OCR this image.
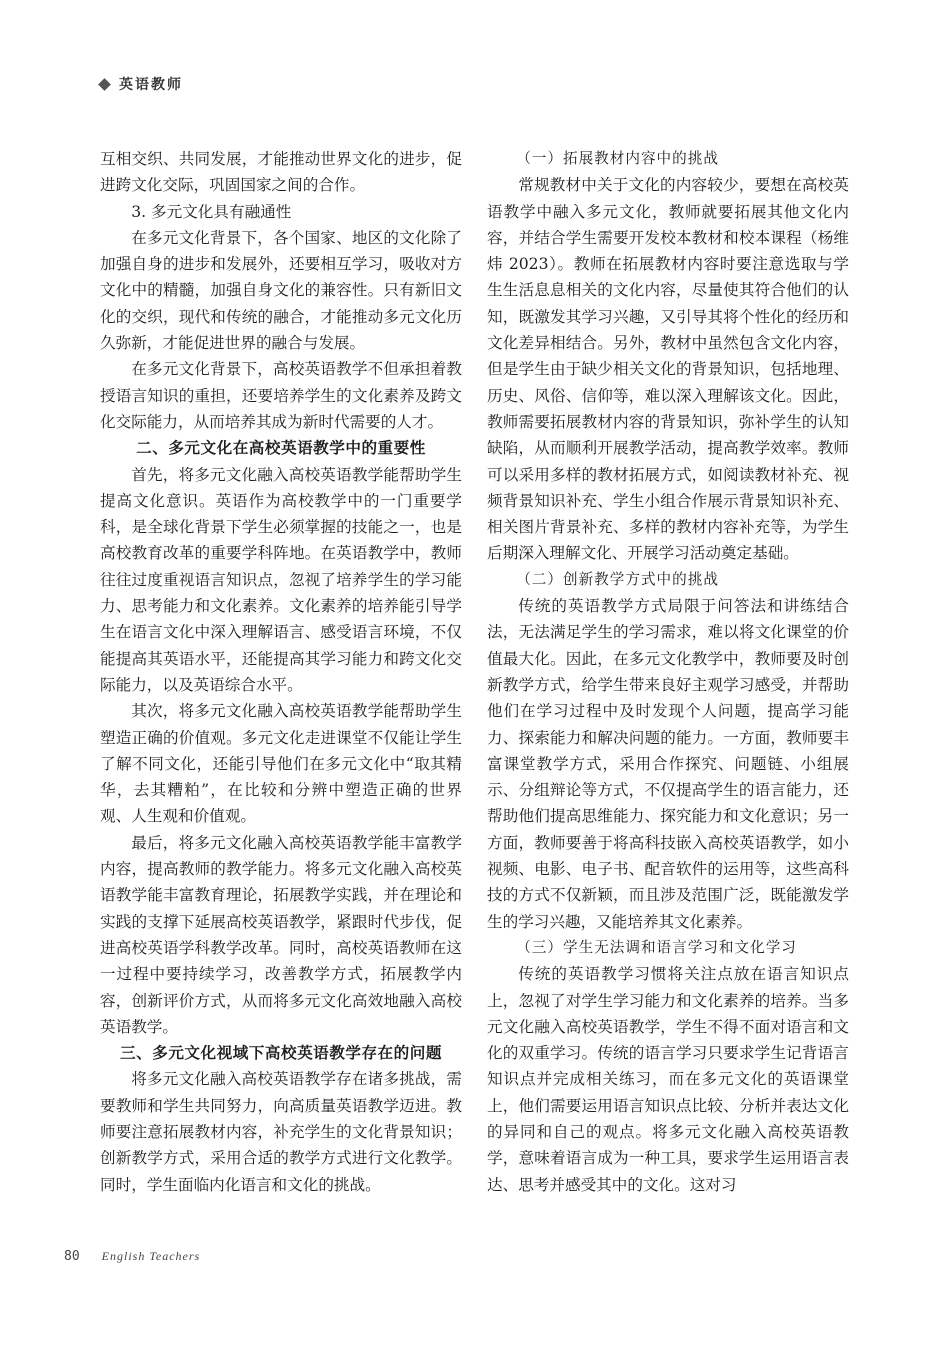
英语教师

互相交织、共同发展，才能推动世界文化的进步，促进跨文化交际，巩固国家之间的合作。

3. 多元文化具有融通性

在多元文化背景下，各个国家、地区的文化除了加强自身的进步和发展外，还要相互学习，吸收对方文化中的精髓，加强自身文化的兼容性。只有新旧文化的交织，现代和传统的融合，才能推动多元文化历久弥新，才能促进世界的融合与发展。

在多元文化背景下，高校英语教学不但承担着教授语言知识的重担，还要培养学生的文化素养及跨文化交际能力，从而培养其成为新时代需要的人才。

二、多元文化在高校英语教学中的重要性

首先，将多元文化融入高校英语教学能帮助学生提高文化意识。英语作为高校教学中的一门重要学科，是全球化背景下学生必须掌握的技能之一，也是高校教育改革的重要学科阵地。在英语教学中，教师往往过度重视语言知识点，忽视了培养学生的学习能力、思考能力和文化素养。文化素养的培养能引导学生在语言文化中深入理解语言、感受语言环境，不仅能提高其英语水平，还能提高其学习能力和跨文化交际能力，以及英语综合水平。

其次，将多元文化融入高校英语教学能帮助学生塑造正确的价值观。多元文化走进课堂不仅能让学生了解不同文化，还能引导他们在多元文化中“取其精华，去其糟粕”，在比较和分辨中塑造正确的世界观、人生观和价值观。

最后，将多元文化融入高校英语教学能丰富教学内容，提高教师的教学能力。将多元文化融入高校英语教学能丰富教育理论，拓展教学实践，并在理论和实践的支撑下延展高校英语教学，紧跟时代步伐，促进高校英语学科教学改革。同时，高校英语教师在这一过程中要持续学习，改善教学方式，拓展教学内容，创新评价方式，从而将多元文化高效地融入高校英语教学。

三、多元文化视域下高校英语教学存在的问题

将多元文化融入高校英语教学存在诸多挑战，需要教师和学生共同努力，向高质量英语教学迈进。教师要注意拓展教材内容，补充学生的文化背景知识；创新教学方式，采用合适的教学方式进行文化教学。同时，学生面临内化语言和文化的挑战。

（一）拓展教材内容中的挑战

常规教材中关于文化的内容较少，要想在高校英语教学中融入多元文化，教师就要拓展其他文化内容，并结合学生需要开发校本教材和校本课程（杨维炜 2023）。教师在拓展教材内容时要注意选取与学生生活息息相关的文化内容，尽量使其符合他们的认知，既激发其学习兴趣，又引导其将个性化的经历和文化差异相结合。另外，教材中虽然包含文化内容，但是学生由于缺少相关文化的背景知识，包括地理、历史、风俗、信仰等，难以深入理解该文化。因此，教师需要拓展教材内容的背景知识，弥补学生的认知缺陷，从而顺利开展教学活动，提高教学效率。教师可以采用多样的教材拓展方式，如阅读教材补充、视频背景知识补充、学生小组合作展示背景知识补充、相关图片背景补充、多样的教材内容补充等，为学生后期深入理解文化、开展学习活动奠定基础。

（二）创新教学方式中的挑战

传统的英语教学方式局限于问答法和讲练结合法，无法满足学生的学习需求，难以将文化课堂的价值最大化。因此，在多元文化教学中，教师要及时创新教学方式，给学生带来良好主观学习感受，并帮助他们在学习过程中及时发现个人问题，提高学习能力、探索能力和解决问题的能力。一方面，教师要丰富课堂教学方式，采用合作探究、问题链、小组展示、分组辩论等方式，不仅提高学生的语言能力，还帮助他们提高思维能力、探究能力和文化意识；另一方面，教师要善于将高科技嵌入高校英语教学，如小视频、电影、电子书、配音软件的运用等，这些高科技的方式不仅新颖，而且涉及范围广泛，既能激发学生的学习兴趣，又能培养其文化素养。

（三）学生无法调和语言学习和文化学习

传统的英语教学习惯将关注点放在语言知识点上，忽视了对学生学习能力和文化素养的培养。当多元文化融入高校英语教学，学生不得不面对语言和文化的双重学习。传统的语言学习只要求学生记背语言知识点并完成相关练习，而在多元文化的英语课堂上，他们需要运用语言知识点比较、分析并表达文化的异同和自己的观点。将多元文化融入高校英语教学，意味着语言成为一种工具，要求学生运用语言表达、思考并感受其中的文化。这对习

80 English Teachers
